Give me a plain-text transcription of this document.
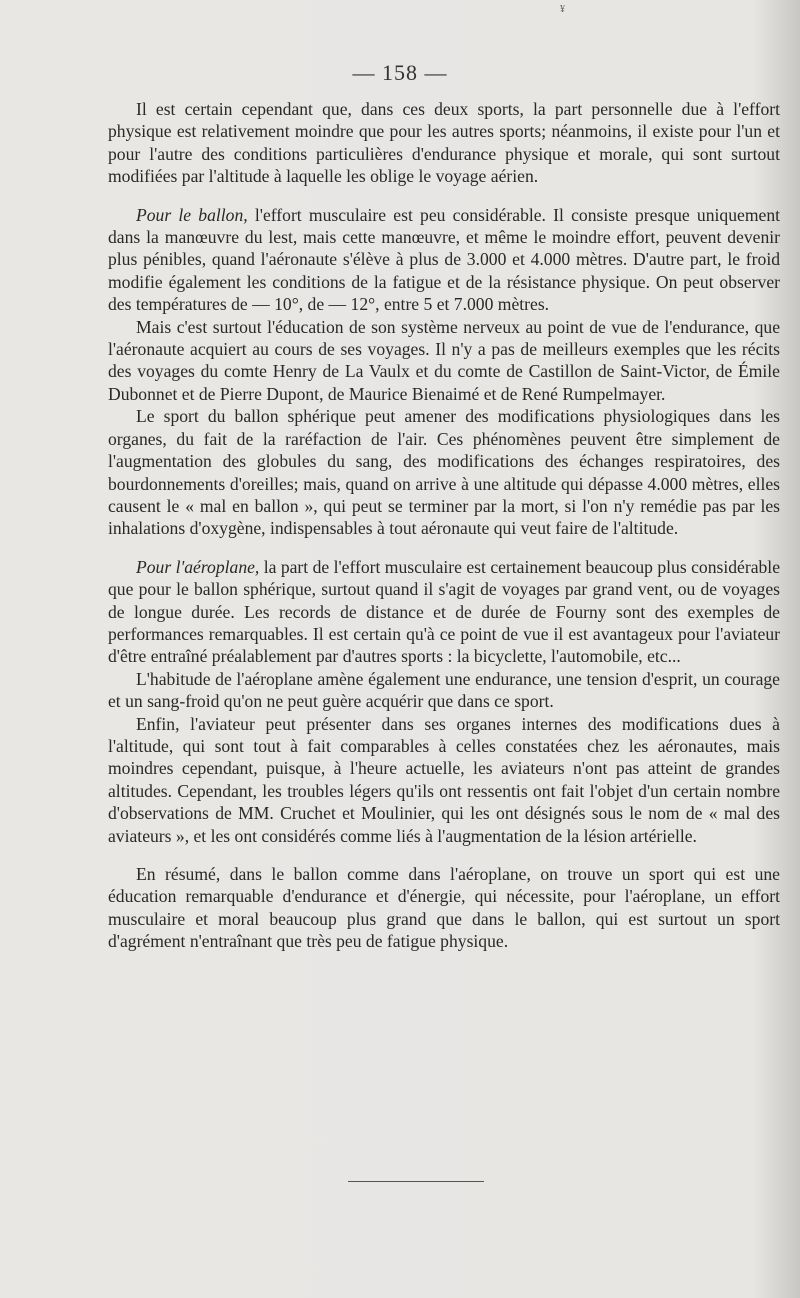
¥
— 158 —

Il est certain cependant que, dans ces deux sports, la part personnelle due à l'effort physique est relativement moindre que pour les autres sports; néanmoins, il existe pour l'un et pour l'autre des conditions particulières d'endurance physique et morale, qui sont surtout modifiées par l'altitude à laquelle les oblige le voyage aérien.

Pour le ballon, l'effort musculaire est peu considérable. Il consiste presque uniquement dans la manœuvre du lest, mais cette manœuvre, et même le moindre effort, peuvent devenir plus pénibles, quand l'aéronaute s'élève à plus de 3.000 et 4.000 mètres. D'autre part, le froid modifie également les conditions de la fatigue et de la résistance physique. On peut observer des températures de — 10°, de — 12°, entre 5 et 7.000 mètres.

Mais c'est surtout l'éducation de son système nerveux au point de vue de l'endurance, que l'aéronaute acquiert au cours de ses voyages. Il n'y a pas de meilleurs exemples que les récits des voyages du comte Henry de La Vaulx et du comte de Castillon de Saint-Victor, de Émile Dubonnet et de Pierre Dupont, de Maurice Bienaimé et de René Rumpelmayer.

Le sport du ballon sphérique peut amener des modifications physiologiques dans les organes, du fait de la raréfaction de l'air. Ces phénomènes peuvent être simplement de l'augmentation des globules du sang, des modifications des échanges respiratoires, des bourdonnements d'oreilles; mais, quand on arrive à une altitude qui dépasse 4.000 mètres, elles causent le « mal en ballon », qui peut se terminer par la mort, si l'on n'y remédie pas par les inhalations d'oxygène, indispensables à tout aéronaute qui veut faire de l'altitude.

Pour l'aéroplane, la part de l'effort musculaire est certainement beaucoup plus considérable que pour le ballon sphérique, surtout quand il s'agit de voyages par grand vent, ou de voyages de longue durée. Les records de distance et de durée de Fourny sont des exemples de performances remarquables. Il est certain qu'à ce point de vue il est avantageux pour l'aviateur d'être entraîné préalablement par d'autres sports : la bicyclette, l'automobile, etc...

L'habitude de l'aéroplane amène également une endurance, une tension d'esprit, un courage et un sang-froid qu'on ne peut guère acquérir que dans ce sport.

Enfin, l'aviateur peut présenter dans ses organes internes des modifications dues à l'altitude, qui sont tout à fait comparables à celles constatées chez les aéronautes, mais moindres cependant, puisque, à l'heure actuelle, les aviateurs n'ont pas atteint de grandes altitudes. Cependant, les troubles légers qu'ils ont ressentis ont fait l'objet d'un certain nombre d'observations de MM. Cruchet et Moulinier, qui les ont désignés sous le nom de « mal des aviateurs », et les ont considérés comme liés à l'augmentation de la lésion artérielle.

En résumé, dans le ballon comme dans l'aéroplane, on trouve un sport qui est une éducation remarquable d'endurance et d'énergie, qui nécessite, pour l'aéroplane, un effort musculaire et moral beaucoup plus grand que dans le ballon, qui est surtout un sport d'agrément n'entraînant que très peu de fatigue physique.
